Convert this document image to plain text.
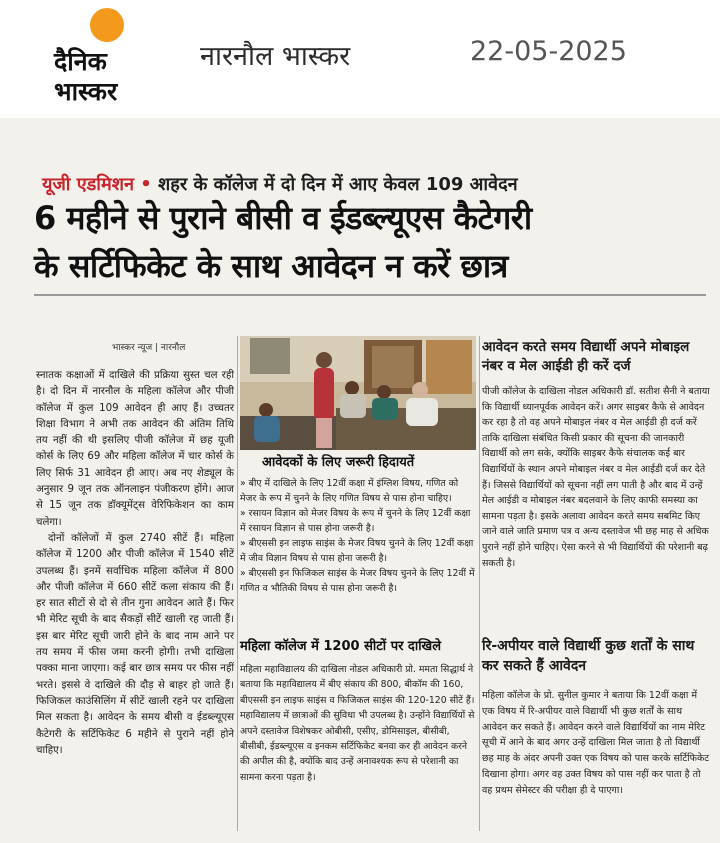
दैनिक
भास्कर
नारनौल भास्कर	22-05-2025
यूजी एडमिशन • शहर के कॉलेज में दो दिन में आए केवल 109 आवेदन
6 महीने से पुराने बीसी व ईडब्ल्यूएस कैटेगरी
के सर्टिफिकेट के साथ आवेदन न करें छात्र
भास्कर न्यूज | नारनौल

स्नातक कक्षाओं में दाखिले की प्रक्रिया सुस्त चल रही है। दो दिन में नारनौल के महिला कॉलेज और पीजी कॉलेज में कुल 109 आवेदन ही आए हैं। उच्चतर शिक्षा विभाग ने अभी तक आवेदन की अंतिम तिथि तय नहीं की थी इसलिए पीजी कॉलेज में छह यूजी कोर्स के लिए 69 और महिला कॉलेज में चार कोर्स के लिए सिर्फ 31 आवेदन ही आए। अब नए शेड्यूल के अनुसार 9 जून तक ऑनलाइन पंजीकरण होंगे। आज से 15 जून तक डॉक्यूमेंट्स वेरिफिकेशन का काम चलेगा।

दोनों कॉलेजों में कुल 2740 सीटें हैं। महिला कॉलेज में 1200 और पीजी कॉलेज में 1540 सीटें उपलब्ध हैं। इनमें सर्वाधिक महिला कॉलेज में 800 और पीजी कॉलेज में 660 सीटें कला संकाय की हैं। हर सात सीटों से दो से तीन गुना आवेदन आते हैं। फिर भी मेरिट सूची के बाद सैकड़ों सीटें खाली रह जाती हैं। इस बार मेरिट सूची जारी होने के बाद नाम आने पर तय समय में फीस जमा करनी होगी। तभी दाखिला पक्का माना जाएगा। कई बार छात्र समय पर फीस नहीं भरते। इससे वे दाखिले की दौड़ से बाहर हो जाते हैं। फिजिकल काउंसिलिंग में सीटें खाली रहने पर दाखिला मिल सकता है। आवेदन के समय बीसी व ईडब्ल्यूएस कैटेगरी के सर्टिफिकेट 6 महीने से पुराने नहीं होने चाहिए।

आवेदकों के लिए जरूरी हिदायतें

» बीए में दाखिले के लिए 12वीं कक्षा में इंग्लिश विषय, गणित को मेजर के रूप में चुनने के लिए गणित विषय से पास होना चाहिए।

» रसायन विज्ञान को मेजर विषय के रूप में चुनने के लिए 12वीं कक्षा में रसायन विज्ञान से पास होना जरूरी है।

» बीएससी इन लाइफ साइंस के मेजर विषय चुनने के लिए 12वीं कक्षा में जीव विज्ञान विषय से पास होना जरूरी है।

» बीएससी इन फिजिकल साइंस के मेजर विषय चुनने के लिए 12वीं में गणित व भौतिकी विषय से पास होना जरूरी है।

महिला कॉलेज में 1200 सीटों पर दाखिले
महिला महाविद्यालय की दाखिला नोडल अधिकारी प्रो. ममता सिद्धार्थ ने बताया कि महाविद्यालय में बीए संकाय की 800, बीकॉम की 160, बीएससी इन लाइफ साइंस व फिजिकल साइंस की 120-120 सीटें हैं। महाविद्यालय में छात्राओं की सुविधा भी उपलब्ध है। उन्होंने विद्यार्थियों से अपने दस्तावेज विशेषकर ओबीसी, एसीए, डोमिसाइल, बीसीबी, बीसीबी, ईडब्ल्यूएस व इनकम सर्टिफिकेट बनवा कर ही आवेदन करने की अपील की है, क्योंकि बाद उन्हें अनावश्यक रूप से परेशानी का सामना करना पड़ता है।
आवेदन करते समय विद्यार्थी अपने मोबाइल नंबर व मेल आईडी ही करें दर्ज
पीजी कॉलेज के दाखिला नोडल अधिकारी डॉ. सतीश सैनी ने बताया कि विद्यार्थी ध्यानपूर्वक आवेदन करें। अगर साइबर कैफे से आवेदन कर रहा है तो वह अपने मोबाइल नंबर व मेल आईडी ही दर्ज करें ताकि दाखिला संबंधित किसी प्रकार की सूचना की जानकारी विद्यार्थी को लग सके, क्योंकि साइबर कैफे संचालक कई बार विद्यार्थियों के स्थान अपने मोबाइल नंबर व मेल आईडी दर्ज कर देते हैं। जिससे विद्यार्थियों को सूचना नहीं लग पाती है और बाद में उन्हें मेल आईडी व मोबाइल नंबर बदलवाने के लिए काफी समस्या का सामना पड़ता है। इसके अलावा आवेदन करते समय सबमिट किए जाने वाले जाति प्रमाण पत्र व अन्य दस्तावेज भी छह माह से अधिक पुराने नहीं होने चाहिए। ऐसा करने से भी विद्यार्थियों की परेशानी बढ़ सकती है।
रि-अपीयर वाले विद्यार्थी कुछ शर्तों के साथ कर सकते हैं आवेदन
महिला कॉलेज के प्रो. सुनील कुमार ने बताया कि 12वीं कक्षा में एक विषय में रि-अपीयर वाले विद्यार्थी भी कुछ शर्तों के साथ आवेदन कर सकते हैं। आवेदन करने वाले विद्यार्थियों का नाम मेरिट सूची में आने के बाद अगर उन्हें दाखिला मिल जाता है तो विद्यार्थी छह माह के अंदर अपनी उक्त एक विषय को पास करके सर्टिफिकेट दिखाना होगा। अगर वह उक्त विषय को पास नहीं कर पाता है तो वह प्रथम सेमेस्टर की परीक्षा ही दे पाएगा।
